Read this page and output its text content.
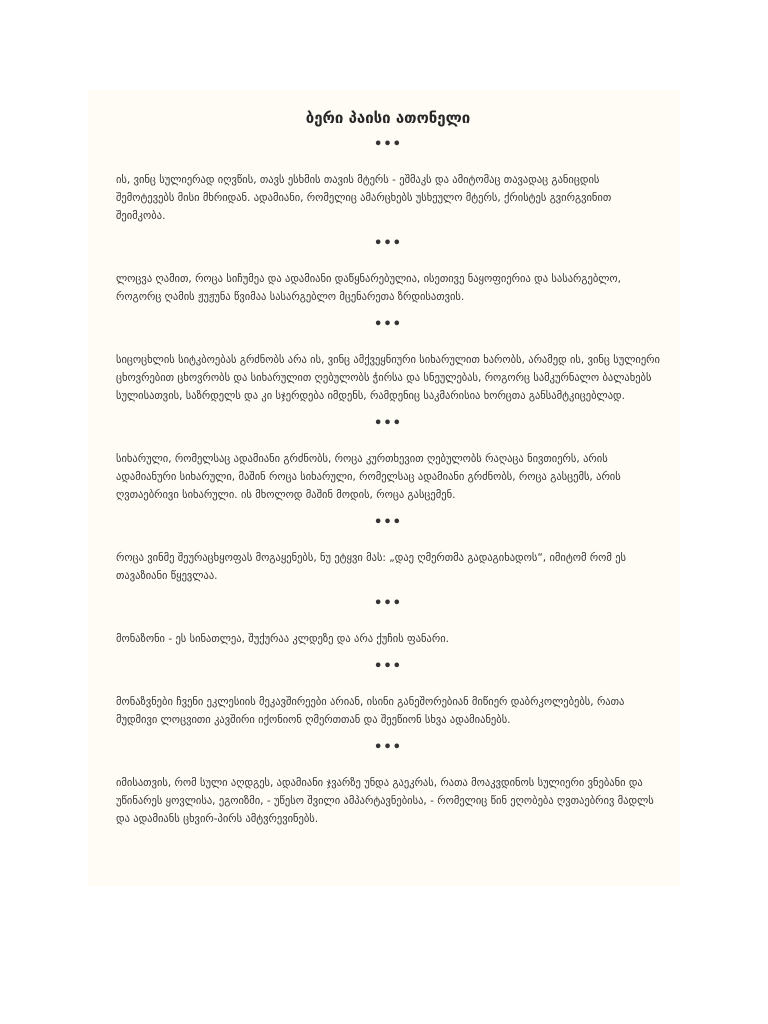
ბერი პაისი ათონელი
•••

ის, ვინც სულიერად იღვწის, თავს ესხმის თავის მტერს - ეშმაკს და ამიტომაც თავადაც განიცდის შემოტევებს მისი მხრიდან. ადამიანი, რომელიც ამარცხებს უსხეულო მტერს, ქრისტეს გვირგვინით შეიმკობა.

•••

ლოცვა ღამით, როცა სიჩუმეა და ადამიანი დაწყნარებულია, ისეთივე ნაყოფიერია და სასარგებლო, როგორც ღამის ჟუჟუნა წვიმაა სასარგებლო მცენარეთა ზრდისათვის.

•••

სიცოცხლის სიტკბოებას გრძნობს არა ის, ვინც ამქვეყნიური სიხარულით ხარობს, არამედ ის, ვინც სულიერი ცხოვრებით ცხოვრობს და სიხარულით ღებულობს ჭირსა და სნეულებას, როგორც სამკურნალო ბალახებს სულისათვის, საზრდელს და კი სჯერდება იმდენს, რამდენიც საკმარისია ხორცთა განსამტკიცებლად.

•••

სიხარული, რომელსაც ადამიანი გრძნობს, როცა კურთხევით ღებულობს რაღაცა ნივთიერს, არის ადამიანური სიხარული, მაშინ როცა სიხარული, რომელსაც ადამიანი გრძნობს, როცა გასცემს, არის ღვთაებრივი სიხარული. ის მხოლოდ მაშინ მოდის, როცა გასცემენ.

•••

როცა ვინმე შეურაცხყოფას მოგაყენებს, ნუ ეტყვი მას: „დაე ღმერთმა გადაგიხადოს“, იმიტომ რომ ეს თავაზიანი წყევლაა.

•••

მონაზონი - ეს სინათლეა, შუქურაა კლდეზე და არა ქუჩის ფანარი.

•••

მონაზვნები ჩვენი ეკლესიის მეკავშირეები არიან, ისინი განეშორებიან მიწიერ დაბრკოლებებს, რათა მუდმივი ლოცვითი კავშირი იქონიონ ღმერთთან და შეეწიონ სხვა ადამიანებს.

•••

იმისათვის, რომ სული აღდგეს, ადამიანი ჯვარზე უნდა გაეკრას, რათა მოაკვდინოს სულიერი ვნებანი და უწინარეს ყოვლისა, ეგოიზმი, - უწესო შვილი ამპარტავნებისა, - რომელიც წინ ეღობება ღვთაებრივ მადლს და ადამიანს ცხვირ-პირს ამტვრევინებს.
